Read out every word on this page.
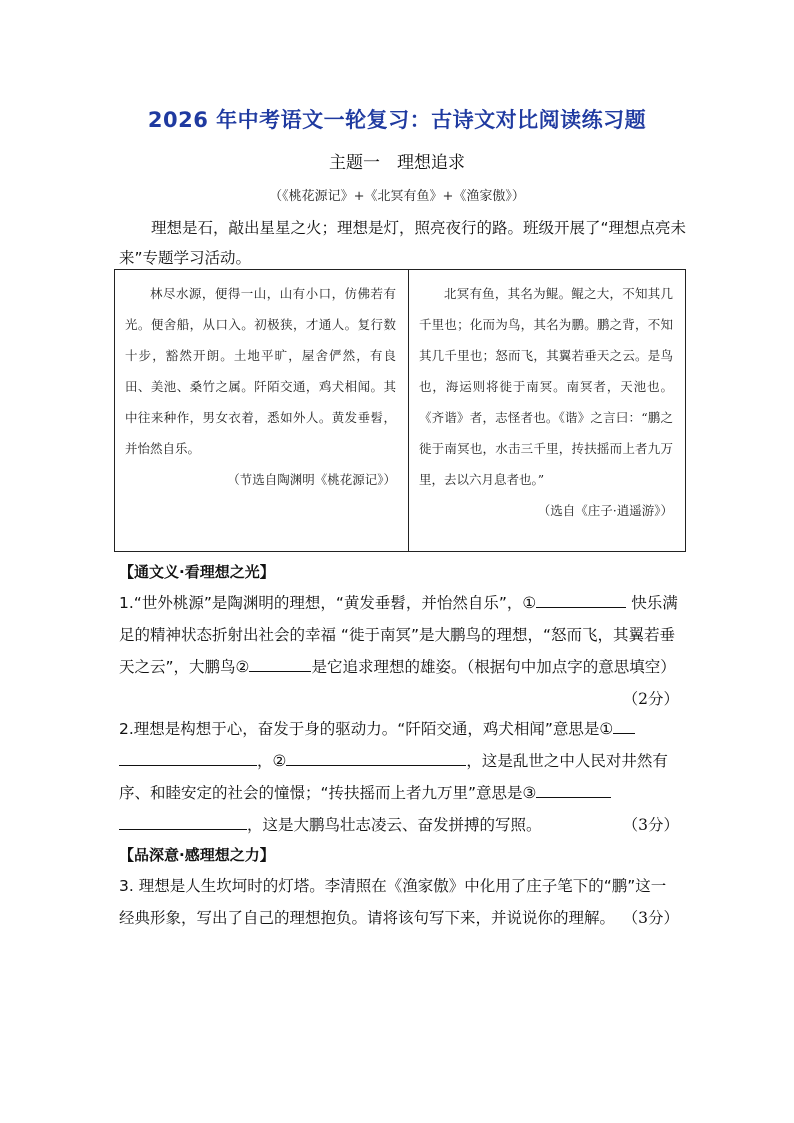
2026 年中考语文一轮复习：古诗文对比阅读练习题
主题一　理想追求
（《桃花源记》+《北冥有鱼》+《渔家傲》）

理想是石，敲出星星之火；理想是灯，照亮夜行的路。班级开展了“理想点亮未来”专题学习活动。

林尽水源，便得一山，山有小口，仿佛若有光。便舍船，从口入。初极狭，才通人。复行数十步，豁然开朗。土地平旷，屋舍俨然，有良田、美池、桑竹之属。阡陌交通，鸡犬相闻。其中往来种作，男女衣着，悉如外人。黄发垂髫，并怡然自乐。

（节选自陶渊明《桃花源记》）

北冥有鱼，其名为鲲。鲲之大，不知其几千里也；化而为鸟，其名为鹏。鹏之背，不知其几千里也；怒而飞，其翼若垂天之云。是鸟也，海运则将徙于南冥。南冥者，天池也。《齐谐》者，志怪者也。《谐》之言曰：“鹏之徙于南冥也，水击三千里，抟扶摇而上者九万里，去以六月息者也。”

（选自《庄子·逍遥游》）

【通文义·看理想之光】

1.“世外桃源”是陶渊明的理想，“黄发垂髫，并怡然自乐”，①	快乐满足的精神状态折射出社会的幸福 “徙于南冥”是大鹏鸟的理想，“怒而飞，其翼若垂天之云”，大鹏鸟②	是它追求理想的雄姿。（根据句中加点字的意思填空）
（2分）

2.理想是构想于心，奋发于身的驱动力。“阡陌交通，鸡犬相闻”意思是① ，②	，这是乱世之中人民对井然有序、和睦安定的社会的憧憬；“抟扶摇而上者九万里”意思是③ ，这是大鹏鸟壮志凌云、奋发拼搏的写照。	（3分）

【品深意·感理想之力】

3. 理想是人生坎坷时的灯塔。李清照在《渔家傲》中化用了庄子笔下的“鹏”这一经典形象，写出了自己的理想抱负。请将该句写下来，并说说你的理解。 （3分）
